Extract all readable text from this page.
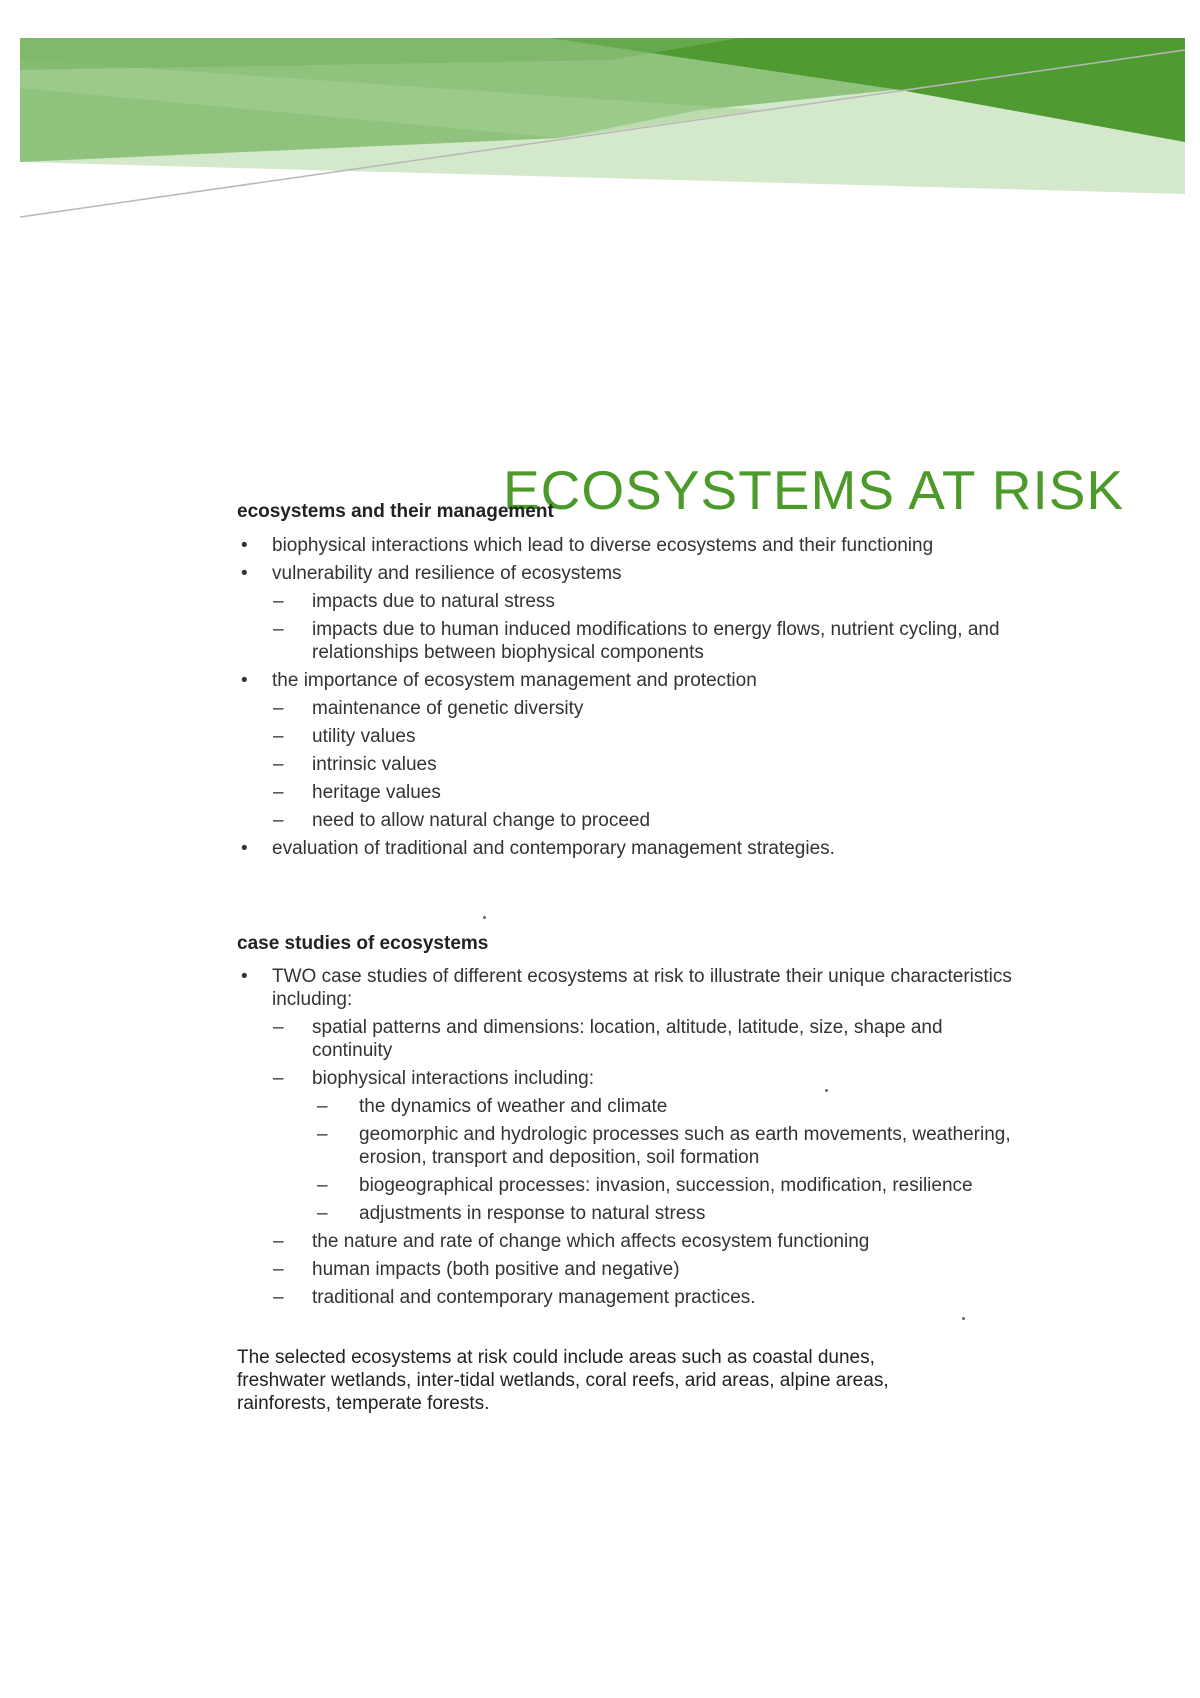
ECOSYSTEMS AT RISK
ecosystems and their management
• biophysical interactions which lead to diverse ecosystems and their functioning
• vulnerability and resilience of ecosystems
– impacts due to natural stress
– impacts due to human induced modifications to energy flows, nutrient cycling, and relationships between biophysical components
• the importance of ecosystem management and protection
– maintenance of genetic diversity
– utility values
– intrinsic values
– heritage values
– need to allow natural change to proceed
• evaluation of traditional and contemporary management strategies.
case studies of ecosystems
• TWO case studies of different ecosystems at risk to illustrate their unique characteristics including:
– spatial patterns and dimensions: location, altitude, latitude, size, shape and continuity
– biophysical interactions including:
– the dynamics of weather and climate
– geomorphic and hydrologic processes such as earth movements, weathering, erosion, transport and deposition, soil formation
– biogeographical processes: invasion, succession, modification, resilience
– adjustments in response to natural stress
– the nature and rate of change which affects ecosystem functioning
– human impacts (both positive and negative)
– traditional and contemporary management practices.

The selected ecosystems at risk could include areas such as coastal dunes, freshwater wetlands, inter-tidal wetlands, coral reefs, arid areas, alpine areas, rainforests, temperate forests.
